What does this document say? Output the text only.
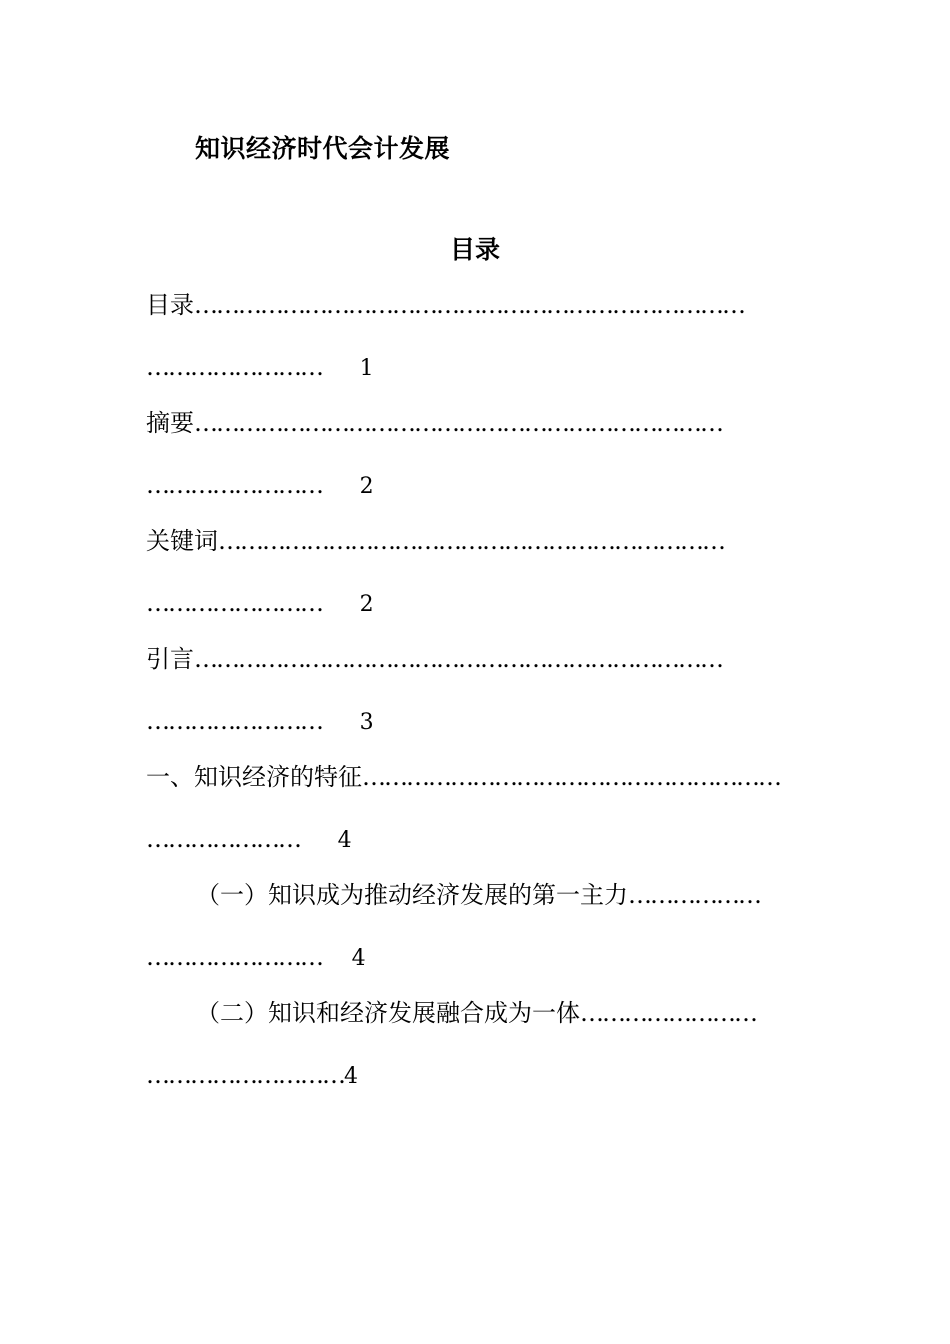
知识经济时代会计发展
目录
目录…………………………………………………………………
…………………… 1
摘要………………………………………………………………
…………………… 2
关键词……………………………………………………………
…………………… 2
引言………………………………………………………………
…………………… 3
一、知识经济的特征…………………………………………………
………………… 4
（一）知识成为推动经济发展的第一主力………………
…………………… 4
（二）知识和经济发展融合成为一体……………………
………………………4
